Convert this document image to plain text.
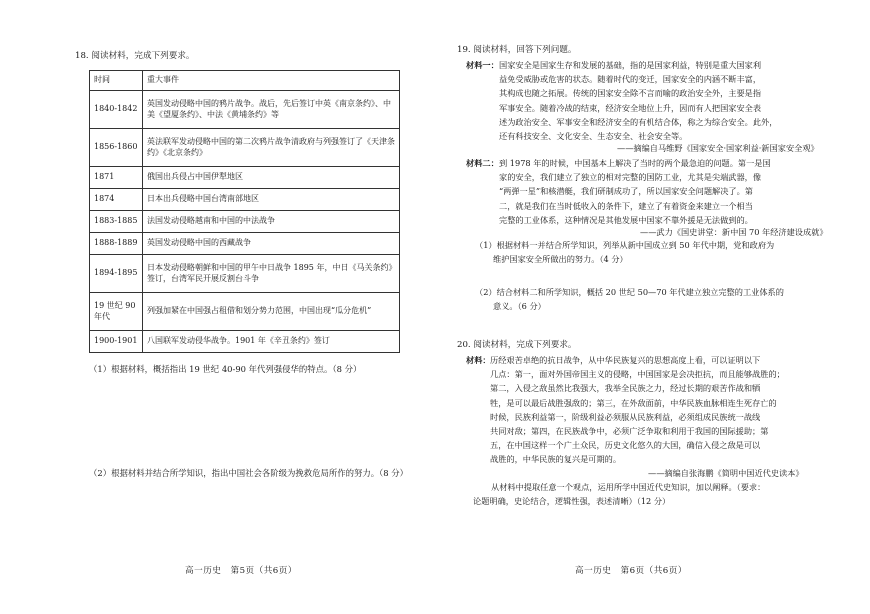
18. 阅读材料，完成下列要求。
时间	重大事件
1840-1842	英国发动侵略中国的鸦片战争。战后，先后签订中英《南京条约》、中美《望厦条约》、中法《黄埔条约》等
1856-1860	英法联军发动侵略中国的第二次鸦片战争清政府与列强签订了《天津条约》《北京条约》
1871	俄国出兵侵占中国伊犁地区
1874	日本出兵侵略中国台湾南部地区
1883-1885	法国发动侵略越南和中国的中法战争
1888-1889	英国发动侵略中国的西藏战争
1894-1895	日本发动侵略朝鲜和中国的甲午中日战争 1895 年，中日《马关条约》签订，台湾军民开展反割台斗争
19 世纪 90 年代	列强加紧在中国强占租借和划分势力范围，中国出现“瓜分危机”
1900-1901	八国联军发动侵华战争。1901 年《辛丑条约》签订
（1）根据材料，概括指出 19 世纪 40-90 年代列强侵华的特点。（8 分）
（2）根据材料并结合所学知识，指出中国社会各阶级为挽救危局所作的努力。（8 分）
高一历史　第5页（共6页）
19. 阅读材料，回答下列问题。
材料一： 国家安全是国家生存和发展的基础，指的是国家利益，特别是重大国家利
益免受威胁或危害的状态。随着时代的变迁，国家安全的内涵不断丰富，
其构成也随之拓展。传统的国家安全除不言而喻的政治安全外，主要是指
军事安全。随着冷战的结束，经济安全地位上升，因而有人把国家安全表
述为政治安全、军事安全和经济安全的有机结合体，称之为综合安全。此外，
还有科技安全、文化安全、生态安全、社会安全等。
——摘编自马维野《国家安全·国家利益·新国家安全观》
材料二： 到 1978 年的时候，中国基本上解决了当时的两个最急迫的问题。第一是国
家的安全，我们建立了独立的相对完整的国防工业，尤其是尖端武器，像
“两弹一星”和核潜艇，我们研制成功了，所以国家安全问题解决了。第
二，就是我们在当时低收入的条件下，建立了有着资金来建立一个相当
完整的工业体系，这种情况是其他发展中国家不靠外援是无法做到的。
——武力《国史讲堂：新中国 70 年经济建设成就》
（1）根据材料一并结合所学知识，列举从新中国成立到 50 年代中期，党和政府为
维护国家安全所做出的努力。（4 分）
（2）结合材料二和所学知识，概括 20 世纪 50—70 年代建立独立完整的工业体系的
意义。（6 分）
20. 阅读材料，完成下列要求。
材料： 历经艰苦卓绝的抗日战争，从中华民族复兴的思想高度上看，可以证明以下
几点：第一，面对外国帝国主义的侵略，中国国家是会决拒抗，而且能够战胜的；
第二，入侵之敌虽然比我强大，我举全民族之力，经过长期的艰苦作战和牺
牲，是可以最后战胜强敌的；第三，在外敌面前，中华民族血脉相连生死存亡的
时候，民族利益第一，阶级利益必须服从民族利益，必须组成民族统一战线
共同对敌；第四，在民族战争中，必须广泛争取和利用于我国的国际援助；第
五，在中国这样一个广土众民，历史文化悠久的大国，确信入侵之敌是可以
战胜的，中华民族的复兴是可期的。
——摘编自张海鹏《简明中国近代史读本》
从材料中提取任意一个观点，运用所学中国近代史知识，加以阐释。（要求：
论题明确，史论结合，逻辑性强，表述清晰）（12 分）
高一历史　第6页（共6页）
